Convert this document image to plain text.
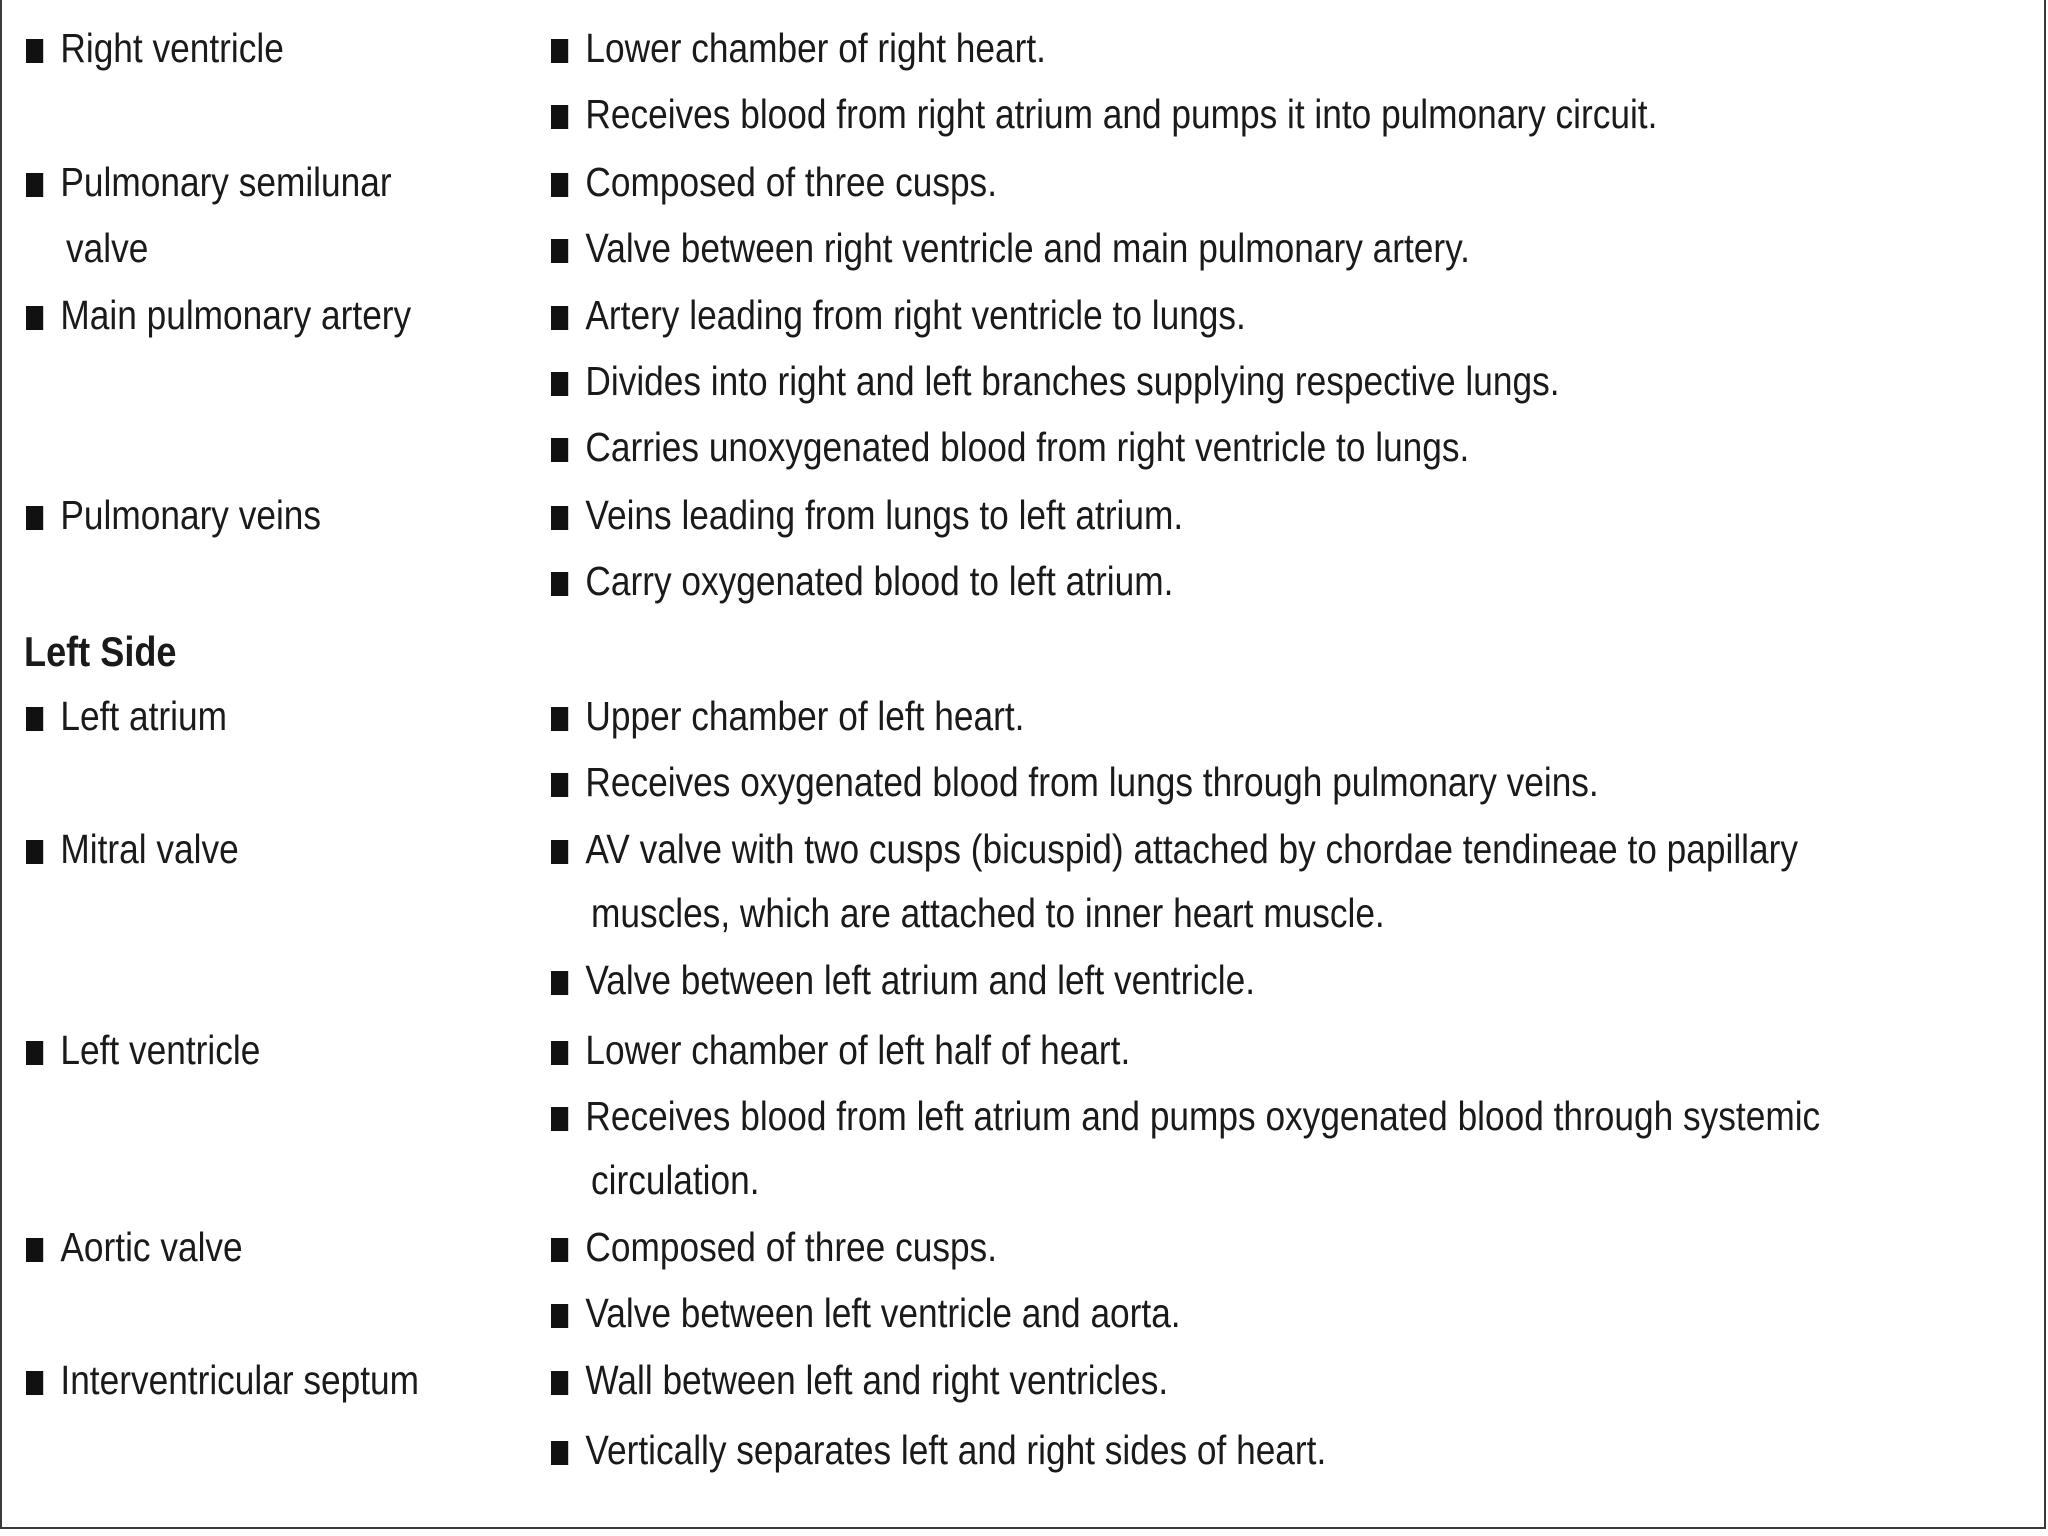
Right ventricle	Lower chamber of right heart.
Receives blood from right atrium and pumps it into pulmonary circuit.
Pulmonary semilunar	Composed of three cusps.
valve	Valve between right ventricle and main pulmonary artery.
Main pulmonary artery	Artery leading from right ventricle to lungs.
Divides into right and left branches supplying respective lungs.
Carries unoxygenated blood from right ventricle to lungs.
Pulmonary veins	Veins leading from lungs to left atrium.
Carry oxygenated blood to left atrium.
Left Side
Left atrium	Upper chamber of left heart.
Receives oxygenated blood from lungs through pulmonary veins.
Mitral valve	AV valve with two cusps (bicuspid) attached by chordae tendineae to papillary
muscles, which are attached to inner heart muscle.
Valve between left atrium and left ventricle.
Left ventricle	Lower chamber of left half of heart.
Receives blood from left atrium and pumps oxygenated blood through systemic
circulation.
Aortic valve	Composed of three cusps.
Valve between left ventricle and aorta.
Interventricular septum	Wall between left and right ventricles.
Vertically separates left and right sides of heart.
